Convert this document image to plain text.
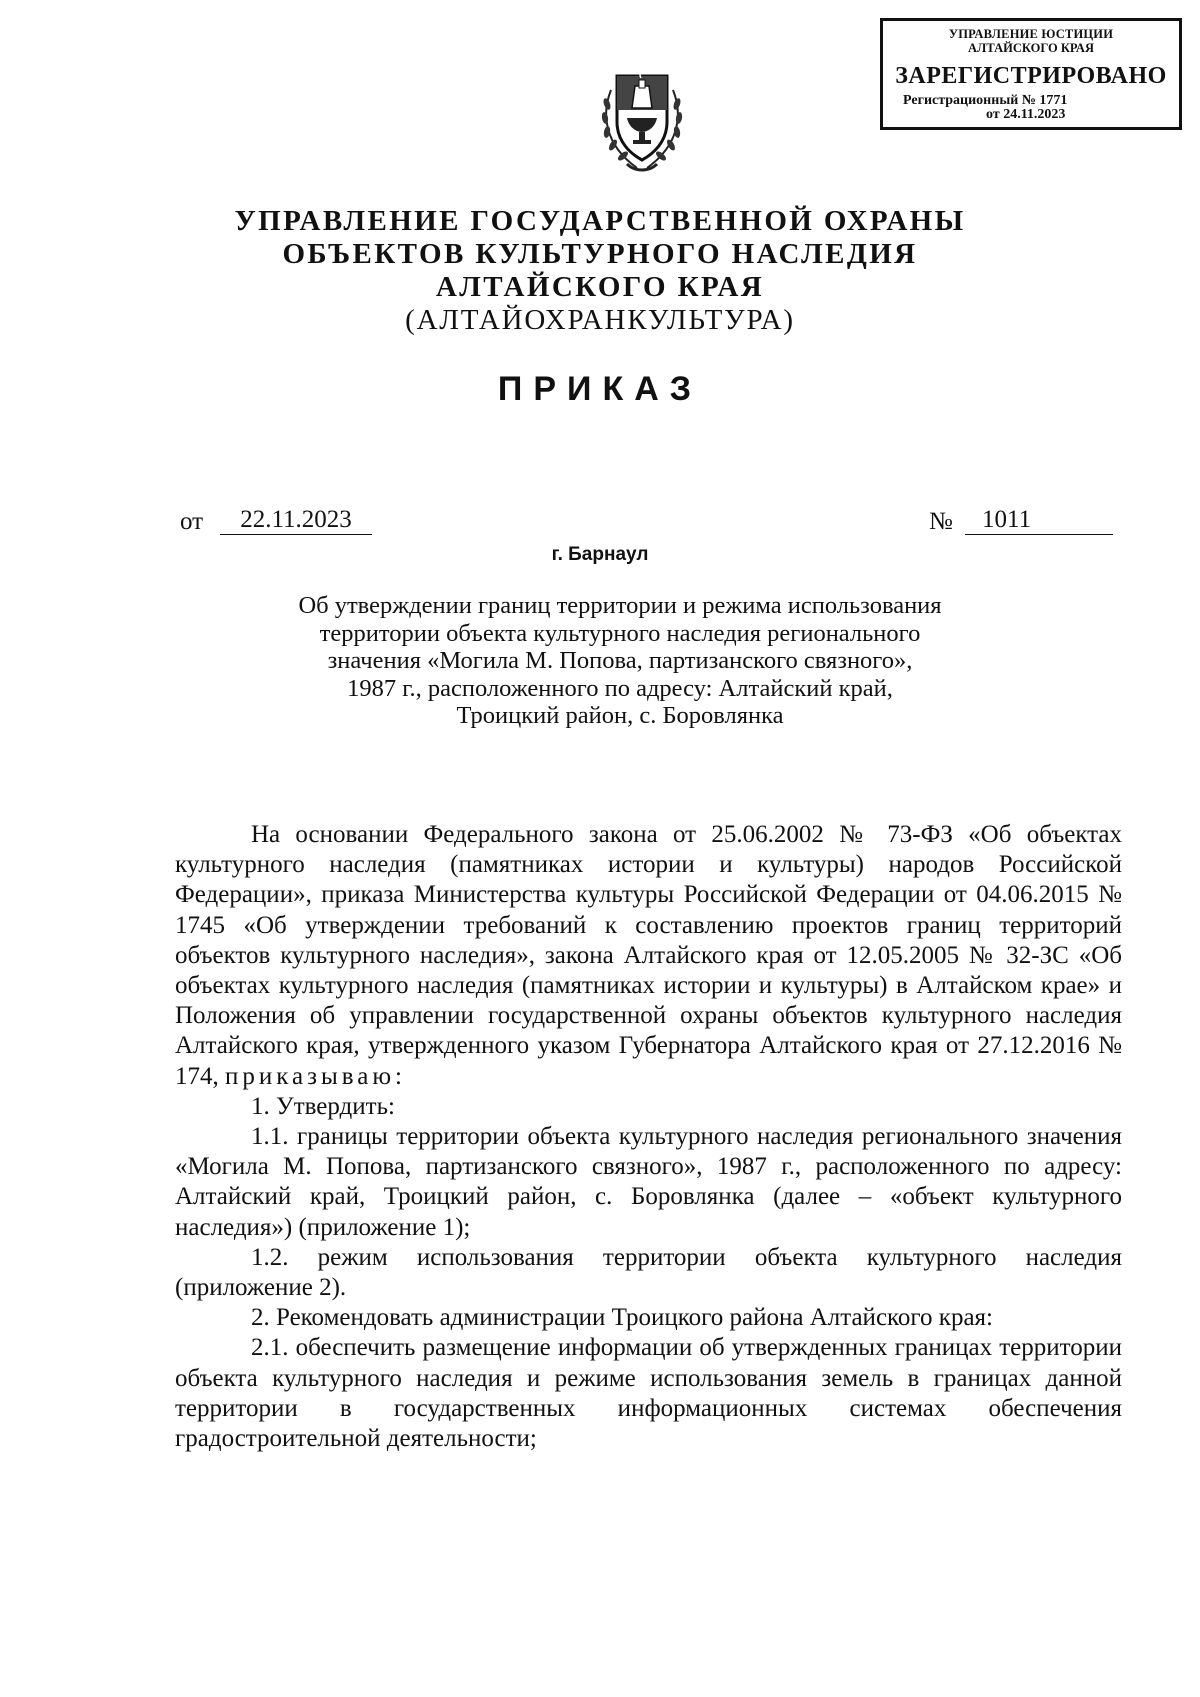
УПРАВЛЕНИЕ ЮСТИЦИИ
АЛТАЙСКОГО КРАЯ
ЗАРЕГИСТРИРОВАНО
Регистрационный № 1771
от 24.11.2023
УПРАВЛЕНИЕ ГОСУДАРСТВЕННОЙ ОХРАНЫ
ОБЪЕКТОВ КУЛЬТУРНОГО НАСЛЕДИЯ
АЛТАЙСКОГО КРАЯ
(АЛТАЙОХРАНКУЛЬТУРА)
ПРИКАЗ
от	22.11.2023	№	1011
г. Барнаул
Об утверждении границ территории и режима использования
территории объекта культурного наследия регионального
значения «Могила М. Попова, партизанского связного»,
1987 г., расположенного по адресу: Алтайский край,
Троицкий район, с. Боровлянка

На основании Федерального закона от 25.06.2002 № 73-ФЗ «Об объектах культурного наследия (памятниках истории и культуры) народов Российской Федерации», приказа Министерства культуры Российской Федерации от 04.06.2015 № 1745 «Об утверждении требований к составлению проектов границ территорий объектов культурного наследия», закона Алтайского края от 12.05.2005 № 32-ЗС «Об объектах культурного наследия (памятниках истории и культуры) в Алтайском крае» и Положения об управлении государственной охраны объектов культурного наследия Алтайского края, утвержденного указом Губернатора Алтайского края от 27.12.2016 № 174, приказываю:

1. Утвердить:

1.1. границы территории объекта культурного наследия регионального значения «Могила М. Попова, партизанского связного», 1987 г., расположенного по адресу: Алтайский край, Троицкий район, с. Боровлянка (далее – «объект культурного наследия») (приложение 1);

1.2. режим использования территории объекта культурного наследия (приложение 2).

2. Рекомендовать администрации Троицкого района Алтайского края:

2.1. обеспечить размещение информации об утвержденных границах территории объекта культурного наследия и режиме использования земель в границах данной территории в государственных информационных системах обеспечения градостроительной деятельности;
